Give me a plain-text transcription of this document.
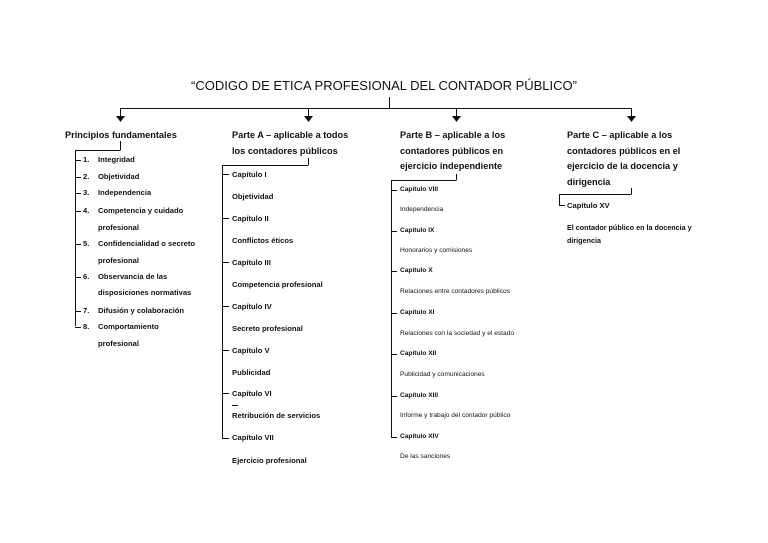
“CODIGO DE ETICA PROFESIONAL DEL CONTADOR PÚBLICO”
Principios fundamentales
1. Integridad
2. Objetividad
3. Independencia
4. Competencia y cuidado
profesional
5. Confidencialidad o secreto
profesional
6. Observancia de las
disposiciones normativas
7. Difusión y colaboración
8. Comportamiento
profesional
Parte A – aplicable a todos
los contadores públicos
Capítulo I
Objetividad
Capítulo II
Conflictos éticos
Capítulo III
Competencia profesional
Capítulo IV
Secreto profesional
Capítulo V
Publicidad
Capítulo VI
Retribución de servicios
Capítulo VII
Ejercicio profesional
Parte B – aplicable a los
contadores públicos en
ejercicio independiente
Capítulo VIII
Independencia
Capítulo IX
Honorarios y comisiones
Capítulo X
Relaciones entre contadores públicos
Capítulo XI
Relaciones con la sociedad y el estado
Capítulo XII
Publicidad y comunicaciones
Capítulo XIII
Informe y trabajo del contador público
Capítulo XIV
De las sanciones
Parte C – aplicable a los
contadores públicos en el
ejercicio de la docencia y
dirigencia
Capítulo XV
El contador público en la docencia y
dirigencia
